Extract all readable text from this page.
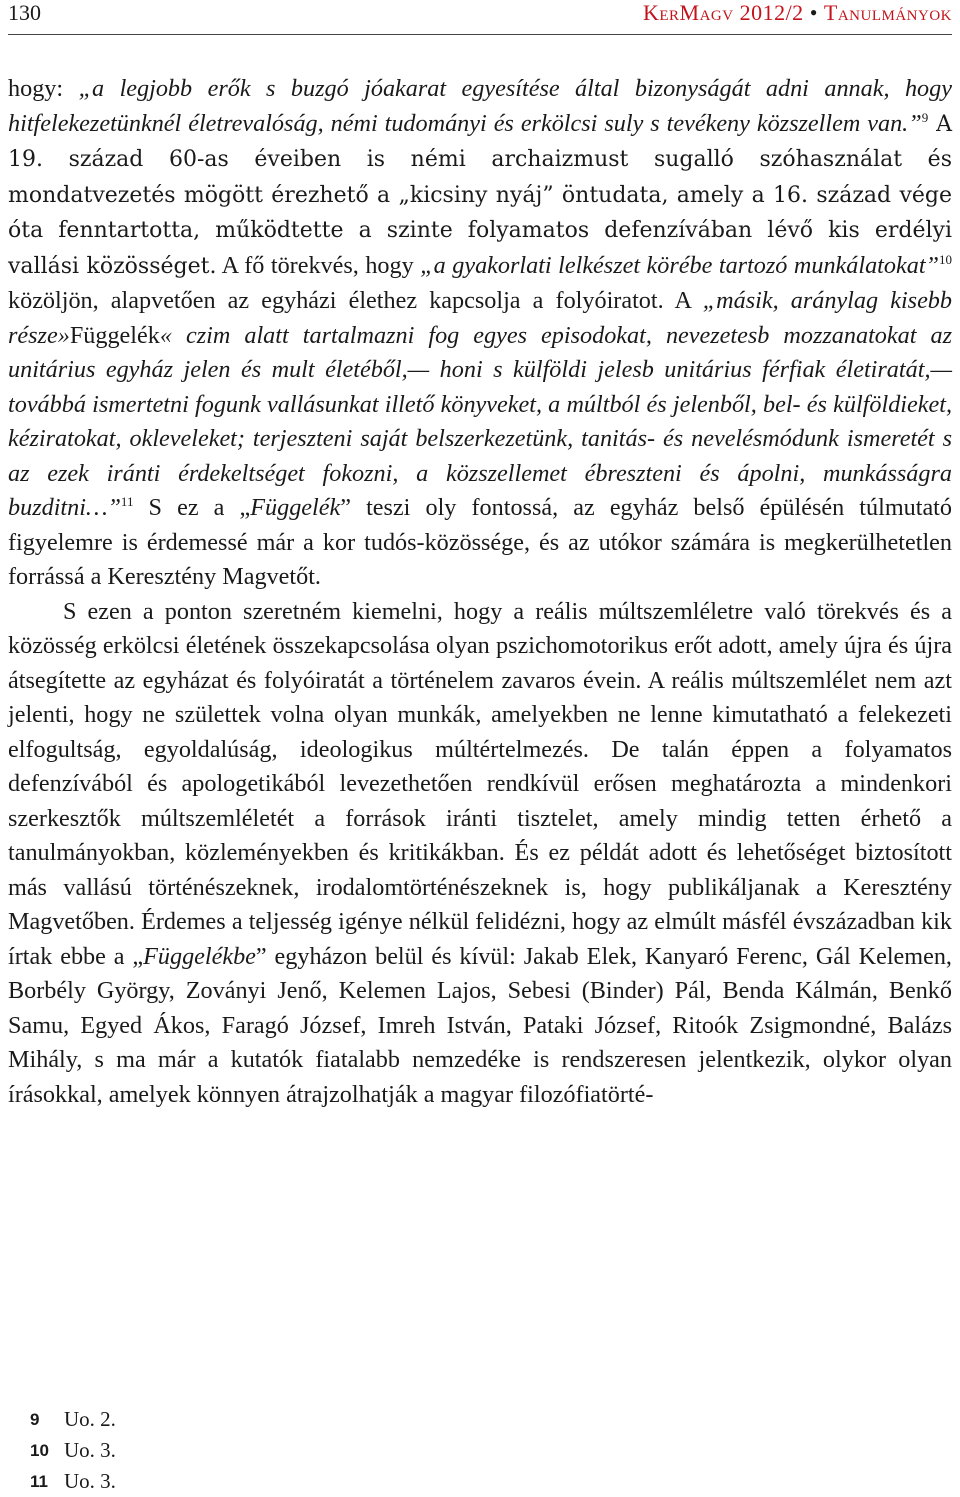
130	KerMagv 2012/2 • Tanulmányok

hogy: „a legjobb erők s buzgó jóakarat egyesítése által bizonyságát adni annak, hogy hitfelekezetünknél életrevalóság, némi tudományi és erkölcsi suly s tevékeny közszellem van.”$^9$ A 19. század 60-as éveiben is némi archaizmust sugalló szóhasználat és mondatvezetés mögött érezhető a „kicsiny nyáj” öntudata, amely a 16. század vége óta fenntartotta, működtette a szinte folyamatos defenzívában lévő kis erdélyi vallási közösséget. A fő törekvés, hogy „a gyakorlati lelkészet körébe tartozó munkálatokat”$^{10}$ közöljön, alapvetően az egyházi élethez kapcsolja a folyóiratot. A „másik, aránylag kisebb része»Függelék« czim alatt tartalmazni fog egyes episodokat, nevezetesb mozzanatokat az unitárius egyház jelen és mult életéből,— honi s külföldi jelesb unitárius férfiak életiratát,— továbbá ismertetni fogunk vallásunkat illető könyveket, a múltból és jelenből, bel- és külföldieket, kéziratokat, okleveleket; terjeszteni saját belszerkezetünk, tanitás- és nevelésmódunk ismeretét s az ezek iránti érdekeltséget fokozni, a közszellemet ébreszteni és ápolni, munkásságra buzditni…”$^{11}$ S ez a „Függelék” teszi oly fontossá, az egyház belső épülésén túlmutató figyelemre is érdemessé már a kor tudós-közössége, és az utókor számára is megkerülhetetlen forrássá a Keresztény Magvetőt.

S ezen a ponton szeretném kiemelni, hogy a reális múltszemléletre való törekvés és a közösség erkölcsi életének összekapcsolása olyan pszichomotorikus erőt adott, amely újra és újra átsegítette az egyházat és folyóiratát a történelem zavaros évein. A reális múltszemlélet nem azt jelenti, hogy ne születtek volna olyan munkák, amelyekben ne lenne kimutatható a felekezeti elfogultság, egyoldalúság, ideologikus múltértelmezés. De talán éppen a folyamatos defenzívából és apologetikából levezethetően rendkívül erősen meghatározta a mindenkori szerkesztők múltszemléletét a források iránti tisztelet, amely mindig tetten érhető a tanulmányokban, közleményekben és kritikákban. És ez példát adott és lehetőséget biztosított más vallású történészeknek, irodalomtörténészeknek is, hogy publikáljanak a Keresztény Magvetőben. Érdemes a teljesség igénye nélkül felidézni, hogy az elmúlt másfél évszázadban kik írtak ebbe a „Függelékbe” egyházon belül és kívül: Jakab Elek, Kanyaró Ferenc, Gál Kelemen, Borbély György, Zoványi Jenő, Kelemen Lajos, Sebesi (Binder) Pál, Benda Kálmán, Benkő Samu, Egyed Ákos, Faragó József, Imreh István, Pataki József, Ritoók Zsigmondné, Balázs Mihály, s ma már a kutatók fiatalabb nemzedéke is rendszeresen jelentkezik, olykor olyan írásokkal, amelyek könnyen átrajzolhatják a magyar filozófiatörté-

9	Uo. 2.
10 Uo. 3.
11 Uo. 3.
